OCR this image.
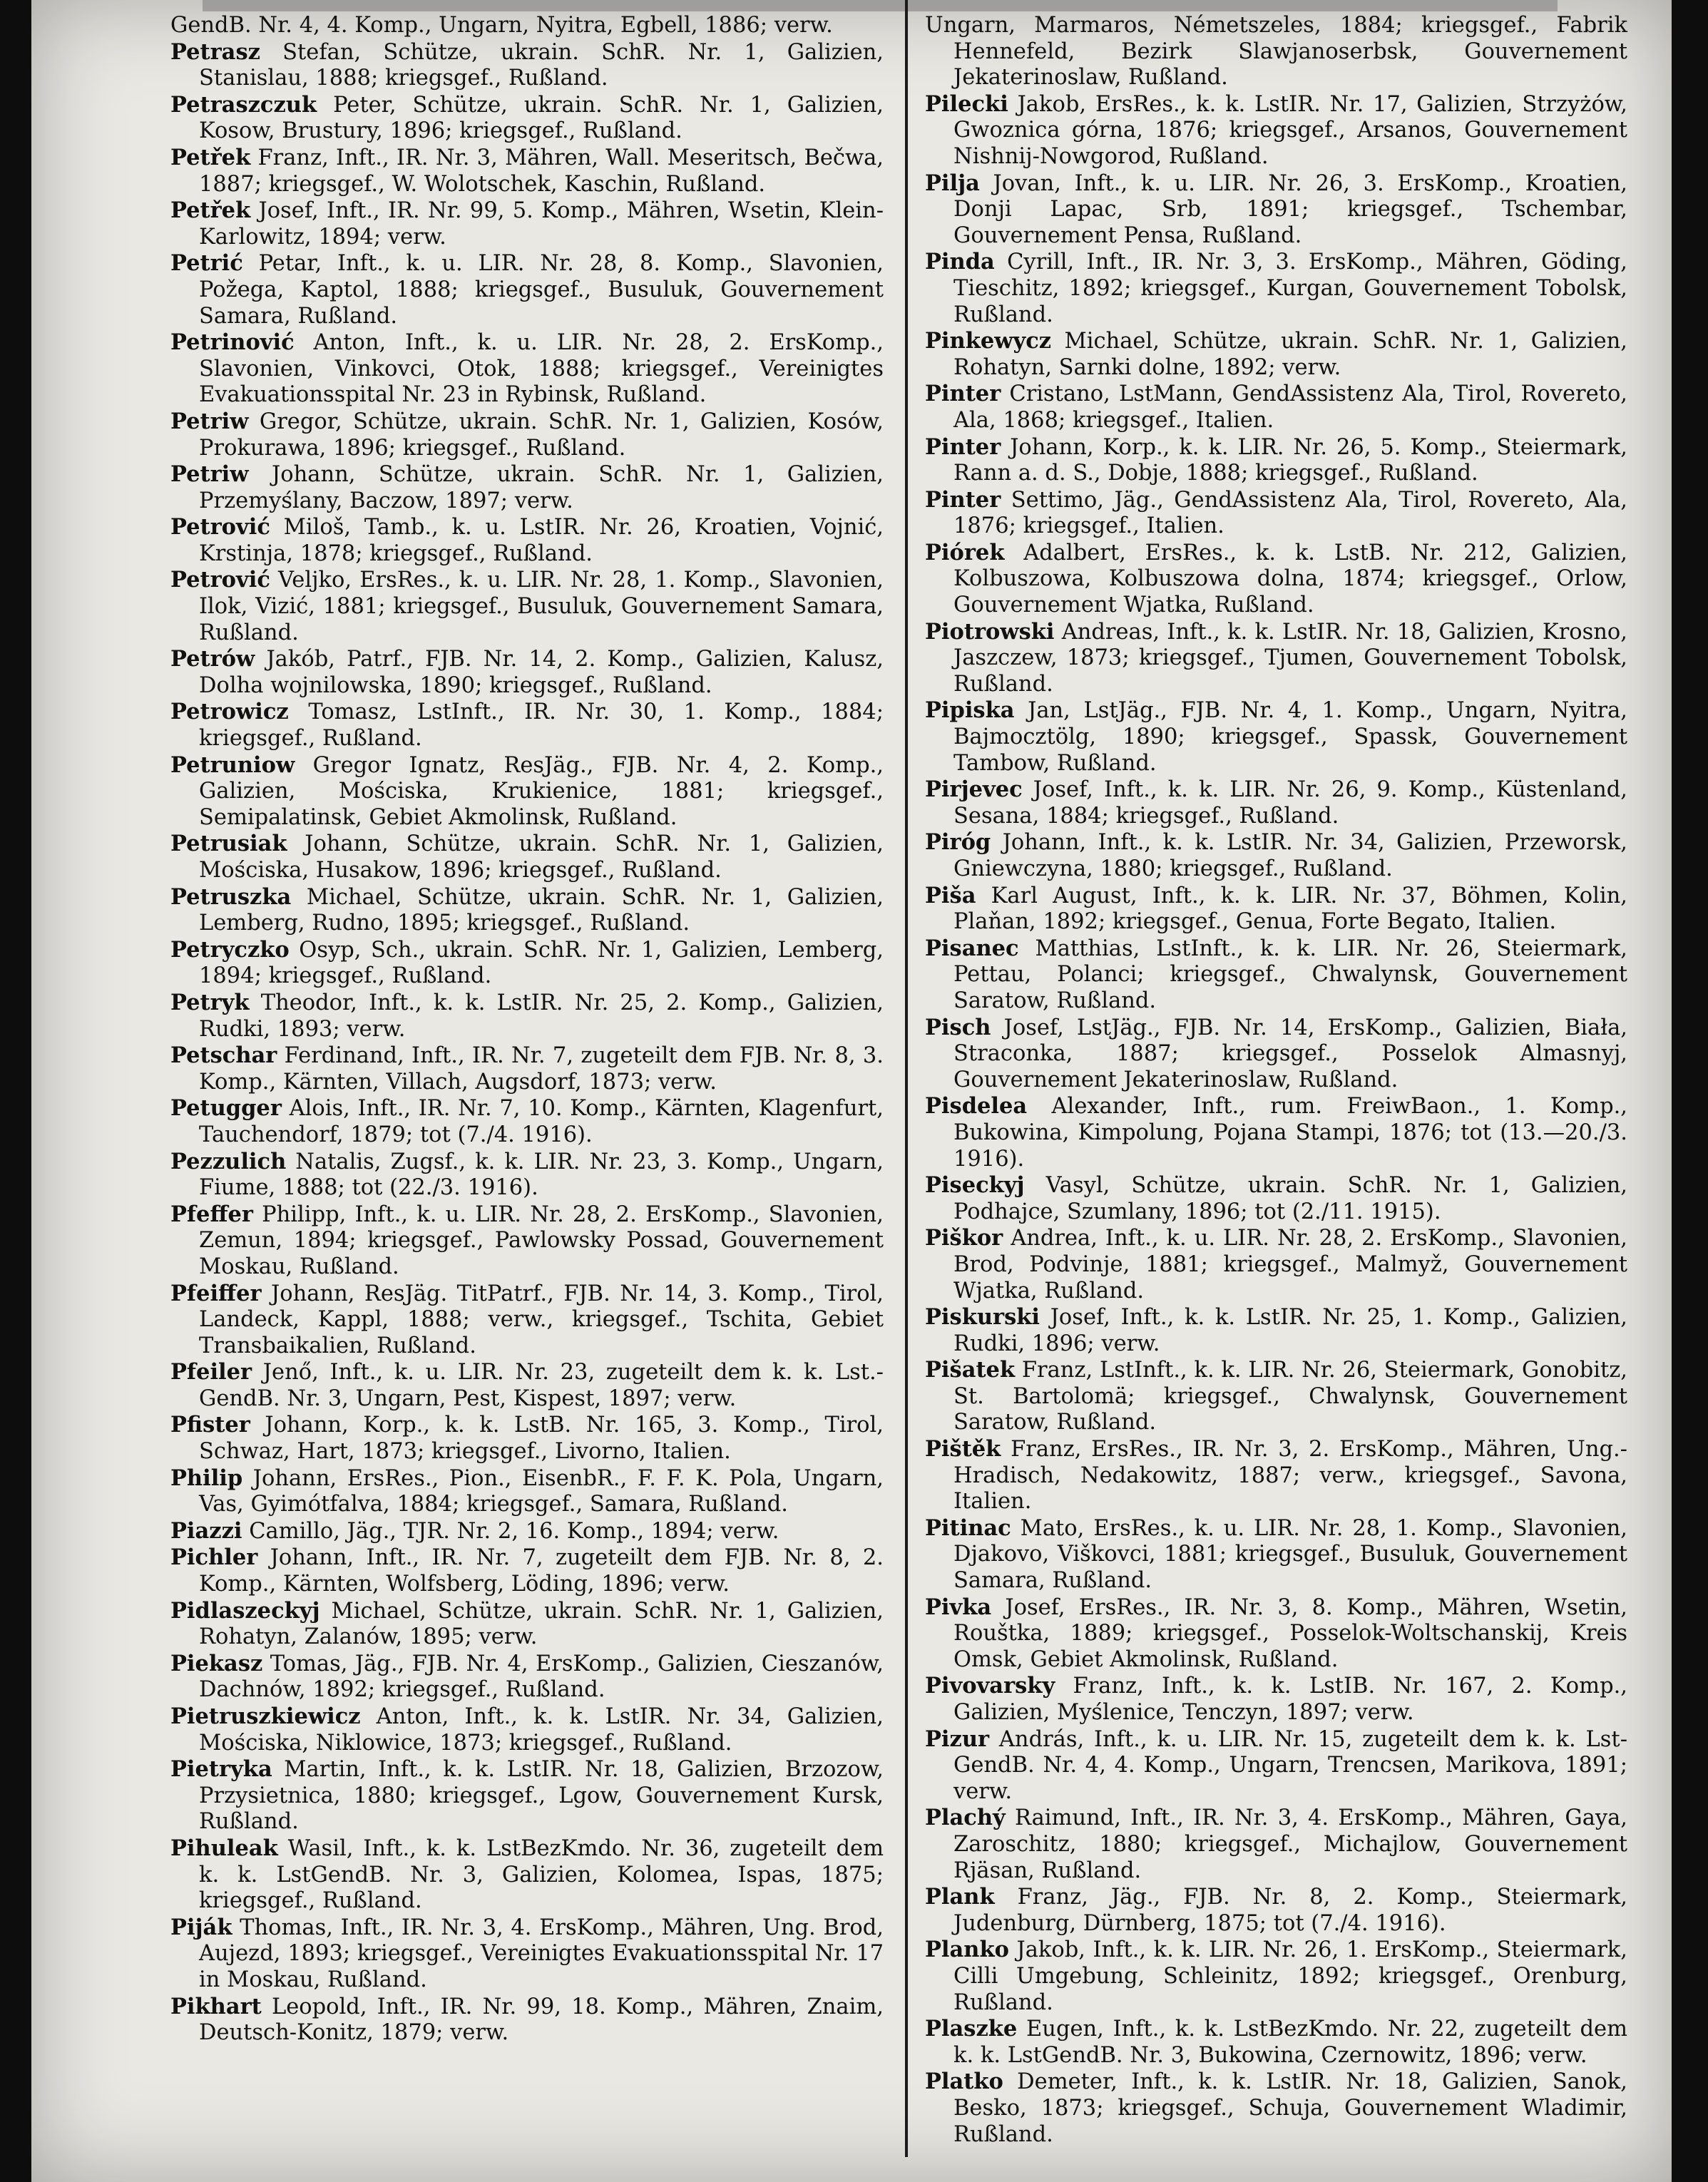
GendB. Nr. 4, 4. Komp., Ungarn, Nyitra, Egbell, 1886; verw.

Petrasz Stefan, Schütze, ukrain. SchR. Nr. 1, Galizien, Stanislau, 1888; kriegsgef., Rußland.

Petraszczuk Peter, Schütze, ukrain. SchR. Nr. 1, Galizien, Kosow, Brustury, 1896; kriegsgef., Rußland.

Petřek Franz, Inft., IR. Nr. 3, Mähren, Wall. Meseritsch, Bečwa, 1887; kriegsgef., W. Wolotschek, Kaschin, Rußland.

Petřek Josef, Inft., IR. Nr. 99, 5. Komp., Mähren, Wsetin, Klein-Karlowitz, 1894; verw.

Petrić Petar, Inft., k. u. LIR. Nr. 28, 8. Komp., Slavonien, Požega, Kaptol, 1888; kriegsgef., Busuluk, Gouvernement Samara, Rußland.

Petrinović Anton, Inft., k. u. LIR. Nr. 28, 2. ErsKomp., Slavonien, Vinkovci, Otok, 1888; kriegsgef., Vereinigtes Evakuationsspital Nr. 23 in Rybinsk, Rußland.

Petriw Gregor, Schütze, ukrain. SchR. Nr. 1, Galizien, Kosów, Prokurawa, 1896; kriegsgef., Rußland.

Petriw Johann, Schütze, ukrain. SchR. Nr. 1, Galizien, Przemyślany, Baczow, 1897; verw.

Petrović Miloš, Tamb., k. u. LstIR. Nr. 26, Kroatien, Vojnić, Krstinja, 1878; kriegsgef., Rußland.

Petrović Veljko, ErsRes., k. u. LIR. Nr. 28, 1. Komp., Slavonien, Ilok, Vizić, 1881; kriegsgef., Busuluk, Gouvernement Samara, Rußland.

Petrów Jakób, Patrf., FJB. Nr. 14, 2. Komp., Galizien, Kalusz, Dolha wojnilowska, 1890; kriegsgef., Rußland.

Petrowicz Tomasz, LstInft., IR. Nr. 30, 1. Komp., 1884; kriegsgef., Rußland.

Petruniow Gregor Ignatz, ResJäg., FJB. Nr. 4, 2. Komp., Galizien, Mościska, Krukienice, 1881; kriegsgef., Semipalatinsk, Gebiet Akmolinsk, Rußland.

Petrusiak Johann, Schütze, ukrain. SchR. Nr. 1, Galizien, Mościska, Husakow, 1896; kriegsgef., Rußland.

Petruszka Michael, Schütze, ukrain. SchR. Nr. 1, Galizien, Lemberg, Rudno, 1895; kriegsgef., Rußland.

Petryczko Osyp, Sch., ukrain. SchR. Nr. 1, Galizien, Lemberg, 1894; kriegsgef., Rußland.

Petryk Theodor, Inft., k. k. LstIR. Nr. 25, 2. Komp., Galizien, Rudki, 1893; verw.

Petschar Ferdinand, Inft., IR. Nr. 7, zugeteilt dem FJB. Nr. 8, 3. Komp., Kärnten, Villach, Augsdorf, 1873; verw.

Petugger Alois, Inft., IR. Nr. 7, 10. Komp., Kärnten, Klagenfurt, Tauchendorf, 1879; tot (7./4. 1916).

Pezzulich Natalis, Zugsf., k. k. LIR. Nr. 23, 3. Komp., Ungarn, Fiume, 1888; tot (22./3. 1916).

Pfeffer Philipp, Inft., k. u. LIR. Nr. 28, 2. ErsKomp., Slavonien, Zemun, 1894; kriegsgef., Pawlowsky Possad, Gouvernement Moskau, Rußland.

Pfeiffer Johann, ResJäg. TitPatrf., FJB. Nr. 14, 3. Komp., Tirol, Landeck, Kappl, 1888; verw., kriegsgef., Tschita, Gebiet Transbaikalien, Rußland.

Pfeiler Jenő, Inft., k. u. LIR. Nr. 23, zugeteilt dem k. k. Lst.-GendB. Nr. 3, Ungarn, Pest, Kispest, 1897; verw.

Pfister Johann, Korp., k. k. LstB. Nr. 165, 3. Komp., Tirol, Schwaz, Hart, 1873; kriegsgef., Livorno, Italien.

Philip Johann, ErsRes., Pion., EisenbR., F. F. K. Pola, Ungarn, Vas, Gyimótfalva, 1884; kriegsgef., Samara, Rußland.

Piazzi Camillo, Jäg., TJR. Nr. 2, 16. Komp., 1894; verw.

Pichler Johann, Inft., IR. Nr. 7, zugeteilt dem FJB. Nr. 8, 2. Komp., Kärnten, Wolfsberg, Löding, 1896; verw.

Pidlaszeckyj Michael, Schütze, ukrain. SchR. Nr. 1, Galizien, Rohatyn, Zalanów, 1895; verw.

Piekasz Tomas, Jäg., FJB. Nr. 4, ErsKomp., Galizien, Cieszanów, Dachnów, 1892; kriegsgef., Rußland.

Pietruszkiewicz Anton, Inft., k. k. LstIR. Nr. 34, Galizien, Mościska, Niklowice, 1873; kriegsgef., Rußland.

Pietryka Martin, Inft., k. k. LstIR. Nr. 18, Galizien, Brzozow, Przysietnica, 1880; kriegsgef., Lgow, Gouvernement Kursk, Rußland.

Pihuleak Wasil, Inft., k. k. LstBezKmdo. Nr. 36, zugeteilt dem k. k. LstGendB. Nr. 3, Galizien, Kolomea, Ispas, 1875; kriegsgef., Rußland.

Piják Thomas, Inft., IR. Nr. 3, 4. ErsKomp., Mähren, Ung. Brod, Aujezd, 1893; kriegsgef., Vereinigtes Evakuationsspital Nr. 17 in Moskau, Rußland.

Pikhart Leopold, Inft., IR. Nr. 99, 18. Komp., Mähren, Znaim, Deutsch-Konitz, 1879; verw.

Ungarn, Marmaros, Németszeles, 1884; kriegsgef., Fabrik Hennefeld, Bezirk Slawjanoserbsk, Gouvernement Jekaterinoslaw, Rußland.

Pilecki Jakob, ErsRes., k. k. LstIR. Nr. 17, Galizien, Strzyżów, Gwoznica górna, 1876; kriegsgef., Arsanos, Gouvernement Nishnij-Nowgorod, Rußland.

Pilja Jovan, Inft., k. u. LIR. Nr. 26, 3. ErsKomp., Kroatien, Donji Lapac, Srb, 1891; kriegsgef., Tschembar, Gouvernement Pensa, Rußland.

Pinda Cyrill, Inft., IR. Nr. 3, 3. ErsKomp., Mähren, Göding, Tieschitz, 1892; kriegsgef., Kurgan, Gouvernement Tobolsk, Rußland.

Pinkewycz Michael, Schütze, ukrain. SchR. Nr. 1, Galizien, Rohatyn, Sarnki dolne, 1892; verw.

Pinter Cristano, LstMann, GendAssistenz Ala, Tirol, Rovereto, Ala, 1868; kriegsgef., Italien.

Pinter Johann, Korp., k. k. LIR. Nr. 26, 5. Komp., Steiermark, Rann a. d. S., Dobje, 1888; kriegsgef., Rußland.

Pinter Settimo, Jäg., GendAssistenz Ala, Tirol, Rovereto, Ala, 1876; kriegsgef., Italien.

Piórek Adalbert, ErsRes., k. k. LstB. Nr. 212, Galizien, Kolbuszowa, Kolbuszowa dolna, 1874; kriegsgef., Orlow, Gouvernement Wjatka, Rußland.

Piotrowski Andreas, Inft., k. k. LstIR. Nr. 18, Galizien, Krosno, Jaszczew, 1873; kriegsgef., Tjumen, Gouvernement Tobolsk, Rußland.

Pipiska Jan, LstJäg., FJB. Nr. 4, 1. Komp., Ungarn, Nyitra, Bajmocztölg, 1890; kriegsgef., Spassk, Gouvernement Tambow, Rußland.

Pirjevec Josef, Inft., k. k. LIR. Nr. 26, 9. Komp., Küstenland, Sesana, 1884; kriegsgef., Rußland.

Piróg Johann, Inft., k. k. LstIR. Nr. 34, Galizien, Przeworsk, Gniewczyna, 1880; kriegsgef., Rußland.

Piša Karl August, Inft., k. k. LIR. Nr. 37, Böhmen, Kolin, Plaňan, 1892; kriegsgef., Genua, Forte Begato, Italien.

Pisanec Matthias, LstInft., k. k. LIR. Nr. 26, Steiermark, Pettau, Polanci; kriegsgef., Chwalynsk, Gouvernement Saratow, Rußland.

Pisch Josef, LstJäg., FJB. Nr. 14, ErsKomp., Galizien, Biała, Straconka, 1887; kriegsgef., Posselok Almasnyj, Gouvernement Jekaterinoslaw, Rußland.

Pisdelea Alexander, Inft., rum. FreiwBaon., 1. Komp., Bukowina, Kimpolung, Pojana Stampi, 1876; tot (13.—20./3. 1916).

Piseckyj Vasyl, Schütze, ukrain. SchR. Nr. 1, Galizien, Podhajce, Szumlany, 1896; tot (2./11. 1915).

Piškor Andrea, Inft., k. u. LIR. Nr. 28, 2. ErsKomp., Slavonien, Brod, Podvinje, 1881; kriegsgef., Malmyž, Gouvernement Wjatka, Rußland.

Piskurski Josef, Inft., k. k. LstIR. Nr. 25, 1. Komp., Galizien, Rudki, 1896; verw.

Pišatek Franz, LstInft., k. k. LIR. Nr. 26, Steiermark, Gonobitz, St. Bartolomä; kriegsgef., Chwalynsk, Gouvernement Saratow, Rußland.

Pištěk Franz, ErsRes., IR. Nr. 3, 2. ErsKomp., Mähren, Ung.-Hradisch, Nedakowitz, 1887; verw., kriegsgef., Savona, Italien.

Pitinac Mato, ErsRes., k. u. LIR. Nr. 28, 1. Komp., Slavonien, Djakovo, Viškovci, 1881; kriegsgef., Busuluk, Gouvernement Samara, Rußland.

Pivka Josef, ErsRes., IR. Nr. 3, 8. Komp., Mähren, Wsetin, Rouštka, 1889; kriegsgef., Posselok-Woltschanskij, Kreis Omsk, Gebiet Akmolinsk, Rußland.

Pivovarsky Franz, Inft., k. k. LstIB. Nr. 167, 2. Komp., Galizien, Myślenice, Tenczyn, 1897; verw.

Pizur András, Inft., k. u. LIR. Nr. 15, zugeteilt dem k. k. Lst-GendB. Nr. 4, 4. Komp., Ungarn, Trencsen, Marikova, 1891; verw.

Plachý Raimund, Inft., IR. Nr. 3, 4. ErsKomp., Mähren, Gaya, Zaroschitz, 1880; kriegsgef., Michajlow, Gouvernement Rjäsan, Rußland.

Plank Franz, Jäg., FJB. Nr. 8, 2. Komp., Steiermark, Judenburg, Dürnberg, 1875; tot (7./4. 1916).

Planko Jakob, Inft., k. k. LIR. Nr. 26, 1. ErsKomp., Steiermark, Cilli Umgebung, Schleinitz, 1892; kriegsgef., Orenburg, Rußland.

Plaszke Eugen, Inft., k. k. LstBezKmdo. Nr. 22, zugeteilt dem k. k. LstGendB. Nr. 3, Bukowina, Czernowitz, 1896; verw.

Platko Demeter, Inft., k. k. LstIR. Nr. 18, Galizien, Sanok, Besko, 1873; kriegsgef., Schuja, Gouvernement Wladimir, Rußland.
